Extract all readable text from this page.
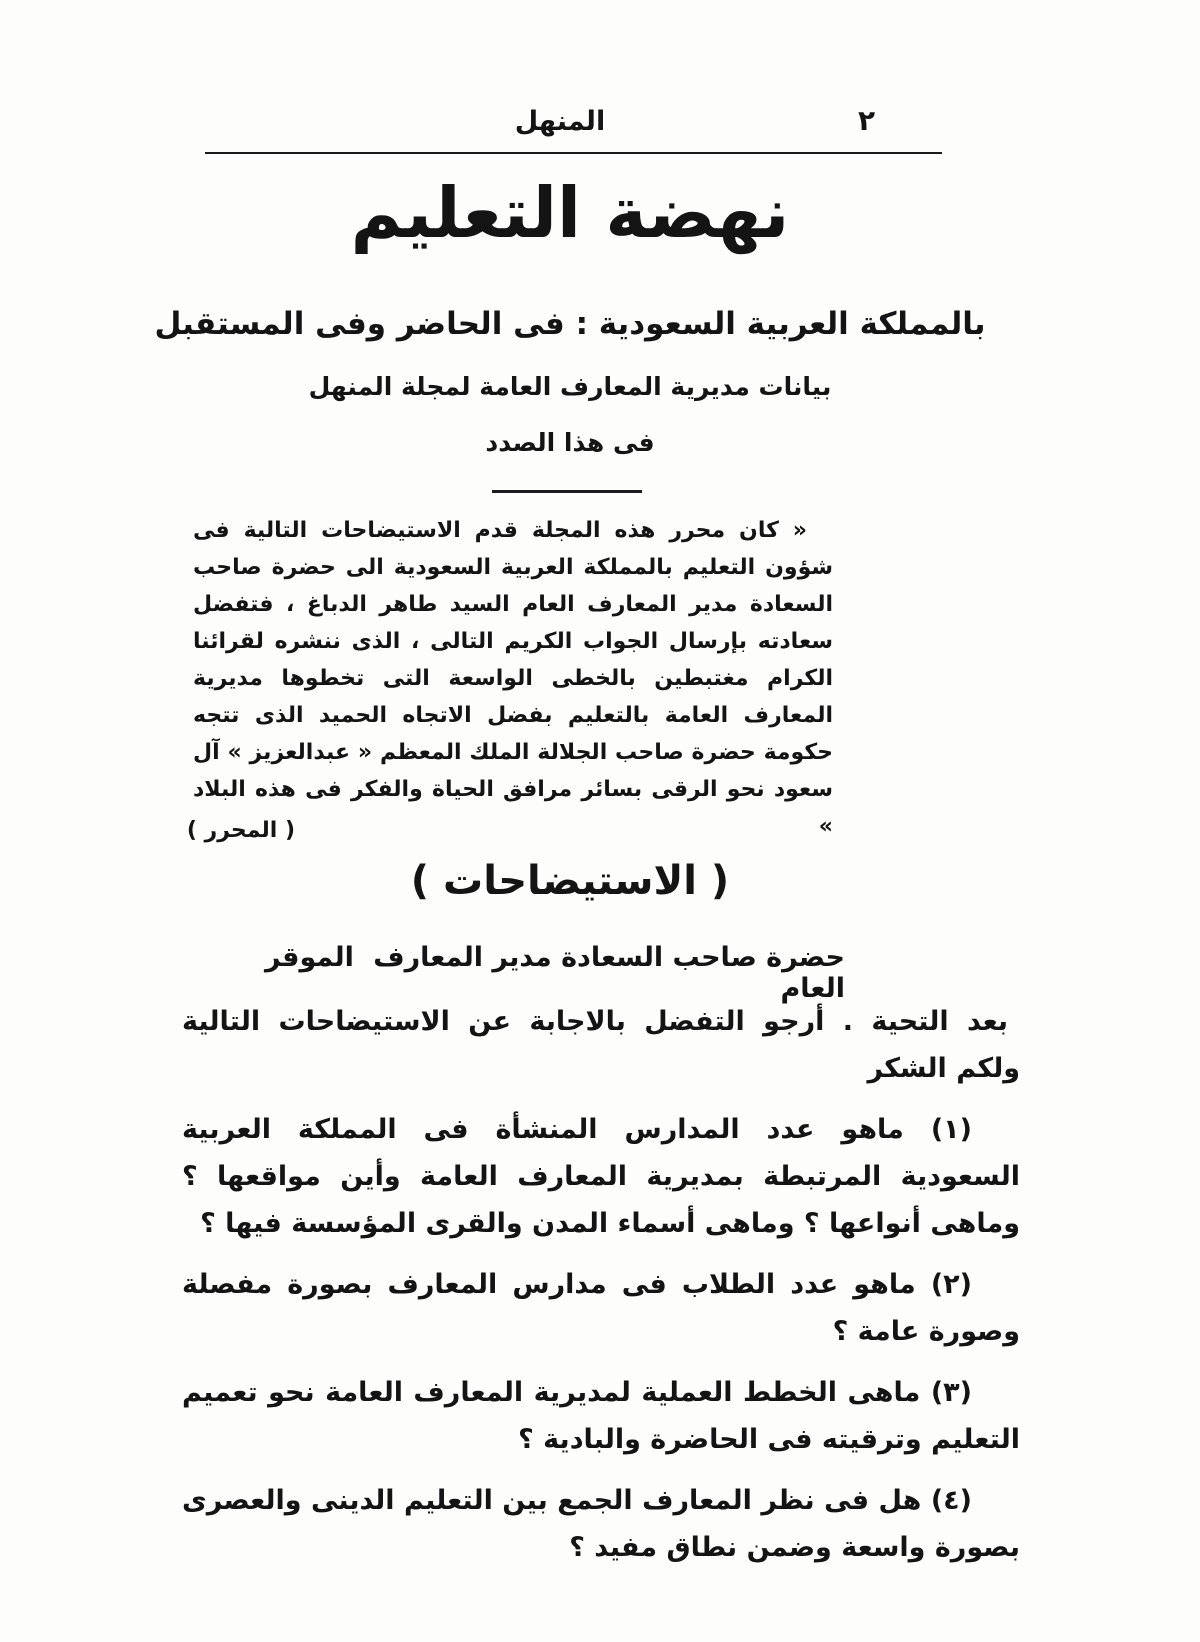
المنهل	٢
نهضة التعليم
بالمملكة العربية السعودية : فى الحاضر وفى المستقبل
بيانات مديرية المعارف العامة لمجلة المنهل
فى هذا الصدد

« كان محرر هذه المجلة قدم الاستيضاحات التالية فى شؤون التعليم بالمملكة العربية السعودية الى حضرة صاحب السعادة مدير المعارف العام السيد طاهر الدباغ ، فتفضل سعادته بإرسال الجواب الكريم التالى ، الذى ننشره لقرائنا الكرام مغتبطين بالخطى الواسعة التى تخطوها مديرية المعارف العامة بالتعليم بفضل الاتجاه الحميد الذى تتجه حكومة حضرة صاحب الجلالة الملك المعظم « عبدالعزيز » آل سعود نحو الرقى بسائر مرافق الحياة والفكر فى هذه البلاد »

( المحرر )
( الاستيضاحات )
حضرة صاحب السعادة مدير المعارف العام
الموقر

بعد التحية . أرجو التفضل بالاجابة عن الاستيضاحات التالية ولكم الشكر

(١) ماهو عدد المدارس المنشأة فى المملكة العربية السعودية المرتبطة بمديرية المعارف العامة وأين مواقعها ؟ وماهى أنواعها ؟ وماهى أسماء المدن والقرى المؤسسة فيها ؟

(٢) ماهو عدد الطلاب فى مدارس المعارف بصورة مفصلة وصورة عامة ؟

(٣) ماهى الخطط العملية لمديرية المعارف العامة نحو تعميم التعليم وترقيته فى الحاضرة والبادية ؟

(٤) هل فى نظر المعارف الجمع بين التعليم الدينى والعصرى بصورة واسعة وضمن نطاق مفيد ؟
